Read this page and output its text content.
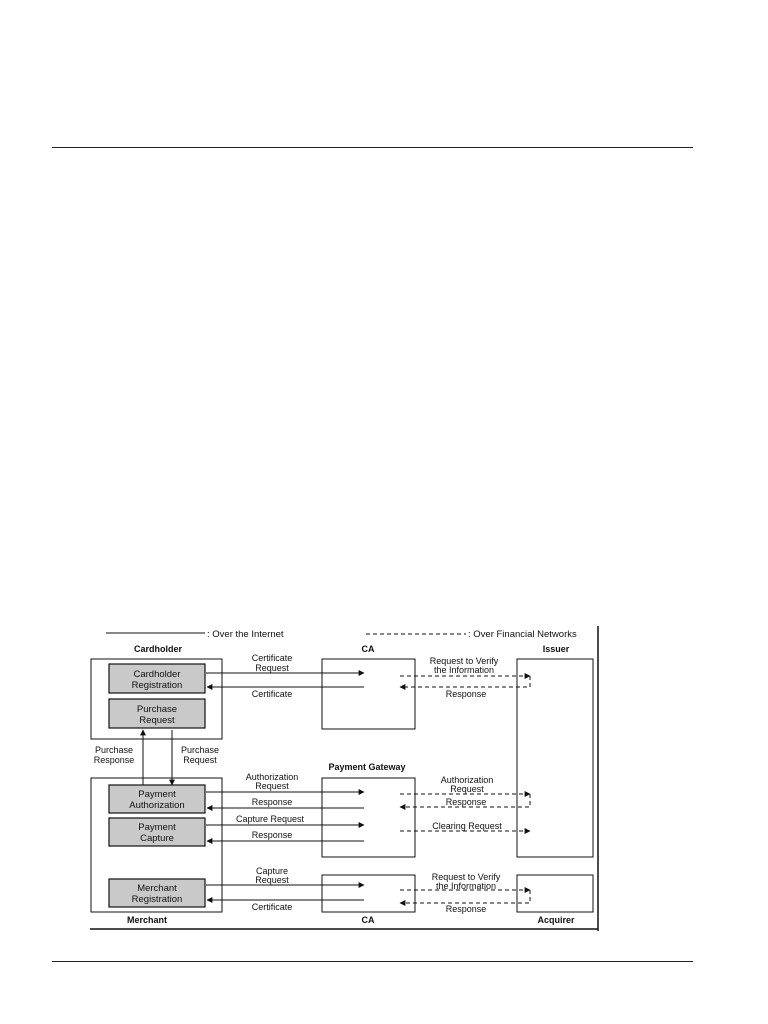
: Over the Internet	: Over Financial Networks
Cardholder	CA	Issuer
Payment Gateway
Merchant	CA	Acquirer
Cardholder
Registration
Purchase
Request
Payment
Authorization
Payment
Capture
Merchant
Registration
Certificate
Request
Certificate
Request to Verify
the Information
Response
Purchase
Response
Purchase
Request
Authorization
Request
Response
Capture Request
Response
Authorization
Request
Response
Clearing Request
Capture
Request
Certificate
Request to Verify
the Information
Response
